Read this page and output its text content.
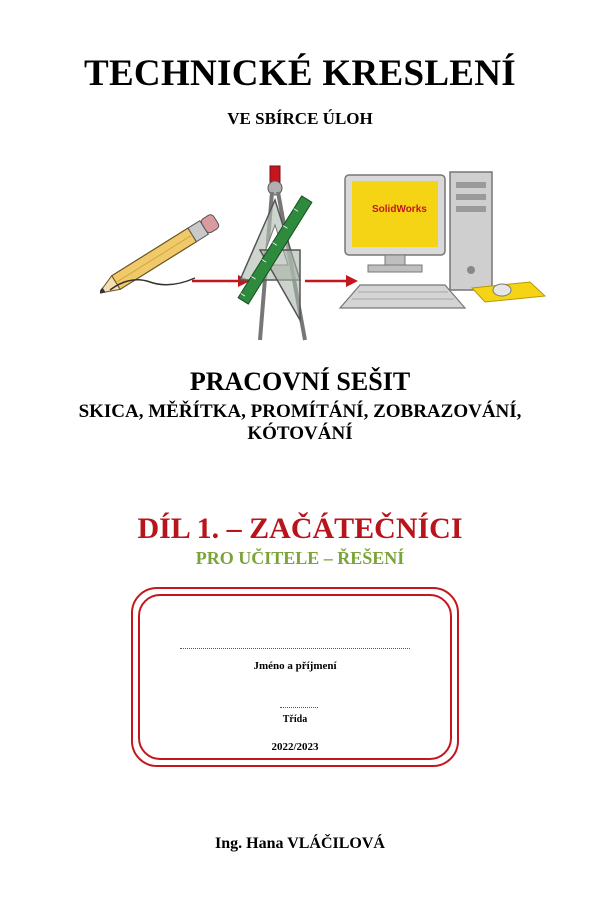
TECHNICKÉ KRESLENÍ
VE SBÍRCE ÚLOH
SolidWorks
PRACOVNÍ SEŠIT
SKICA, MĚŘÍTKA, PROMÍTÁNÍ, ZOBRAZOVÁNÍ,
KÓTOVÁNÍ
DÍL 1. – ZAČÁTEČNÍCI
PRO UČITELE – ŘEŠENÍ
Jméno a příjmení
Třída
2022/2023
Ing. Hana VLÁČILOVÁ
